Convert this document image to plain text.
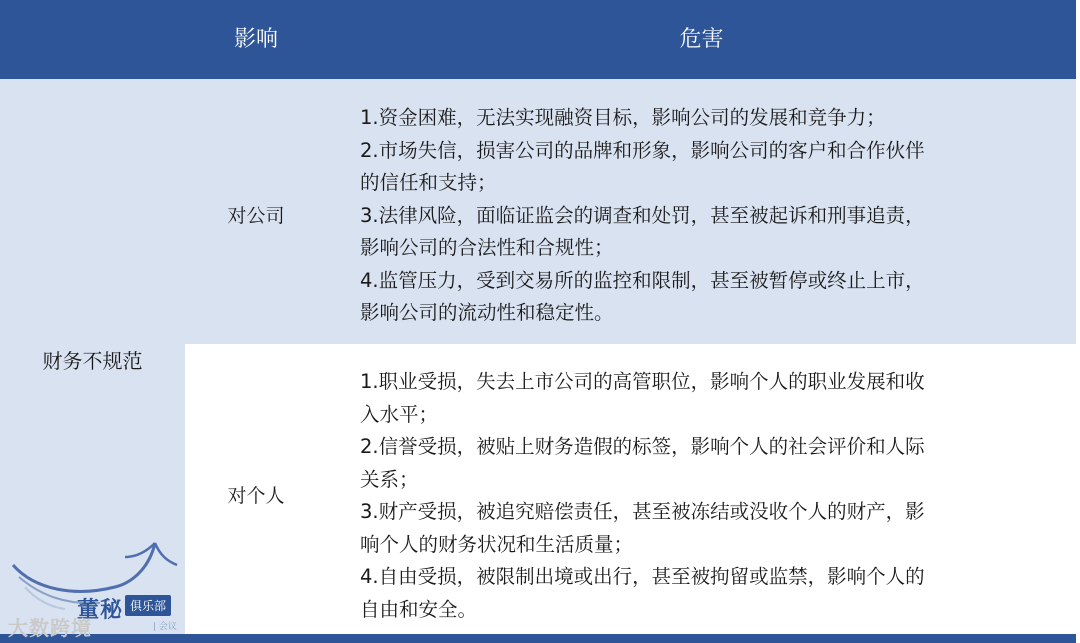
影响	危害
财务不规范
对公司
对个人
1.资金困难，无法实现融资目标，影响公司的发展和竞争力；
2.市场失信，损害公司的品牌和形象，影响公司的客户和合作伙伴
的信任和支持；
3.法律风险，面临证监会的调查和处罚，甚至被起诉和刑事追责，
影响公司的合法性和合规性；
4.监管压力，受到交易所的监控和限制，甚至被暂停或终止上市，
影响公司的流动性和稳定性。
1.职业受损，失去上市公司的高管职位，影响个人的职业发展和收
入水平；
2.信誉受损，被贴上财务造假的标签，影响个人的社会评价和人际
关系；
3.财产受损，被追究赔偿责任，甚至被冻结或没收个人的财产，影
响个人的财务状况和生活质量；
4.自由受损，被限制出境或出行，甚至被拘留或监禁，影响个人的
自由和安全。
董秘 俱乐部
| 会议
大数跨境
